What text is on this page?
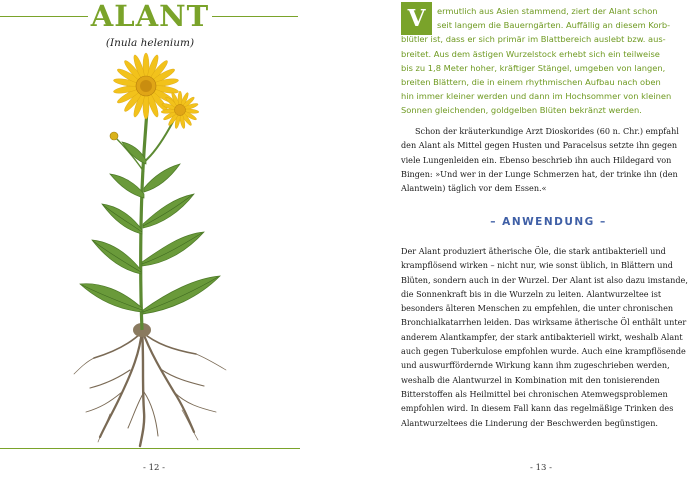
ALANT
(Inula helenium)
- 12 -
V	ermutlich aus Asien stammend, ziert der Alant schon
seit langem die Bauerngärten. Auffällig an diesem Korb-
blütler ist, dass er sich primär im Blattbereich auslebt bzw. aus-
breitet. Aus dem ästigen Wurzelstock erhebt sich ein teilweise
bis zu 1,8 Meter hoher, kräftiger Stängel, umgeben von langen,
breiten Blättern, die in einem rhythmischen Aufbau nach oben
hin immer kleiner werden und dann im Hochsommer von kleinen
Sonnen gleichenden, goldgelben Blüten bekränzt werden.

Schon der kräuterkundige Arzt Dioskorides (60 n. Chr.) empfahl den Alant als Mittel gegen Husten und Paracelsus setzte ihn gegen viele Lungenleiden ein. Ebenso beschrieb ihn auch Hildegard von Bingen: »Und wer in der Lunge Schmerzen hat, der trinke ihn (den Alantwein) täglich vor dem Essen.«

– ANWENDUNG –

Der Alant produziert ätherische Öle, die stark antibakteriell und krampflösend wirken – nicht nur, wie sonst üblich, in Blättern und Blüten, sondern auch in der Wurzel. Der Alant ist also dazu imstande, die Sonnenkraft bis in die Wurzeln zu leiten. Alantwurzeltee ist besonders älteren Menschen zu empfehlen, die unter chronischen Bronchialkatarrhen leiden. Das wirksame ätherische Öl enthält unter anderem Alantkampfer, der stark antibakteriell wirkt, weshalb Alant auch gegen Tuberkulose empfohlen wurde. Auch eine krampflösende und auswurffördernde Wirkung kann ihm zugeschrieben werden, weshalb die Alantwurzel in Kombination mit den tonisierenden Bitterstoffen als Heilmittel bei chronischen Atemwegsproblemen empfohlen wird. In diesem Fall kann das regelmäßige Trinken des Alantwurzeltees die Linderung der Beschwerden begünstigen.

- 13 -
